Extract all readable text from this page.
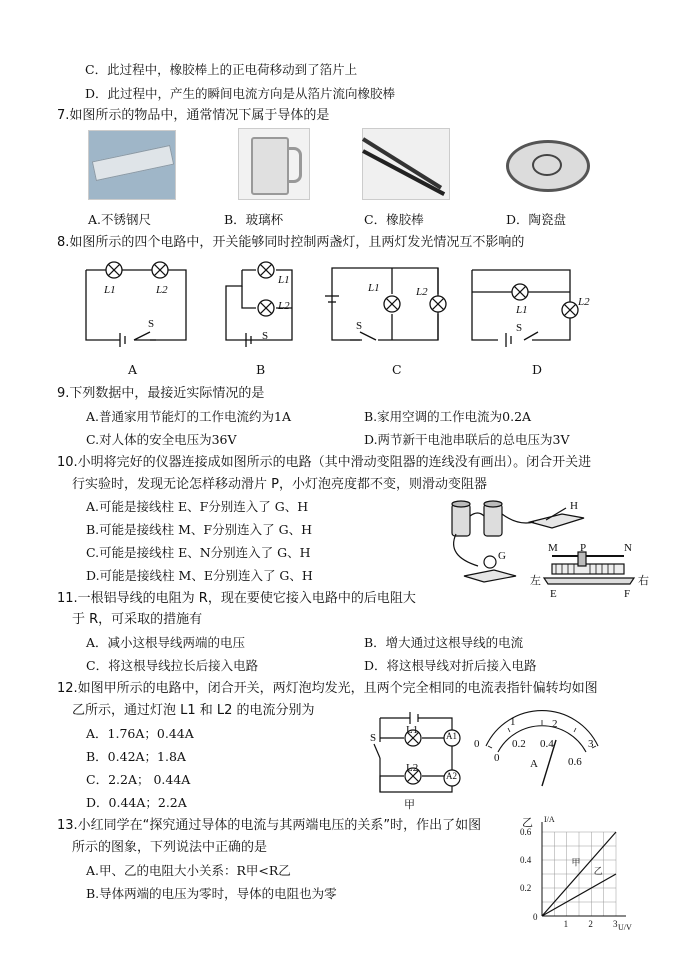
C．此过程中，橡胶棒上的正电荷移动到了箔片上
D．此过程中，产生的瞬间电流方向是从箔片流向橡胶棒
7.如图所示的物品中，通常情况下属于导体的是
A.不锈钢尺	B．玻璃杯	C．橡胶棒	D．陶瓷盘
8.如图所示的四个电路中，开关能够同时控制两盏灯，且两灯发光情况互不影响的
L1	L2
S
L1
L2
S
L1	L2
S
L1
L2
S
A	B	C	D
9.下列数据中，最接近实际情况的是
A.普通家用节能灯的工作电流约为1A	B.家用空调的工作电流为0.2A
C.对人体的安全电压为36V	D.两节新干电池串联后的总电压为3V
10.小明将完好的仪器连接成如图所示的电路（其中滑动变阻器的连线没有画出）。闭合开关进
行实验时，发现无论怎样移动滑片 P，小灯泡亮度都不变，则滑动变阻器
A.可能是接线柱 E、F分别连入了 G、H
B.可能是接线柱 M、F分别连入了 G、H
C.可能是接线柱 E、N分别连入了 G、H
D.可能是接线柱 M、E分别连入了 G、H
H
G
M P	N
左	右
E	F
11.一根铝导线的电阻为 R，现在要使它接入电路中的后电阻大
于 R，可采取的措施有
A．减小这根导线两端的电压	B．增大通过这根导线的电流
C．将这根导线拉长后接入电路	D．将这根导线对折后接入电路
12.如图甲所示的电路中，闭合开关，两灯泡均发光，且两个完全相同的电流表指针偏转均如图
乙所示，通过灯泡 L1 和 L2 的电流分别为
A．1.76A；0.44A
B．0.42A；1.8A
C．2.2A； 0.44A
D．0.44A；2.2A
S
L1
L2
A1
A2
甲
0
1	2
3
0
0.2 0.4
0.6
A
13.小红同学在“探究通过导体的电流与其两端电压的关系”时，作出了如图
所示的图象，下列说法中正确的是
A.甲、乙的电阻大小关系：R甲<R乙
B.导体两端的电压为零时，导体的电阻也为零
1 2 3
0
0.2
0.4
0.6
U/V
I/A
乙
甲
乙
